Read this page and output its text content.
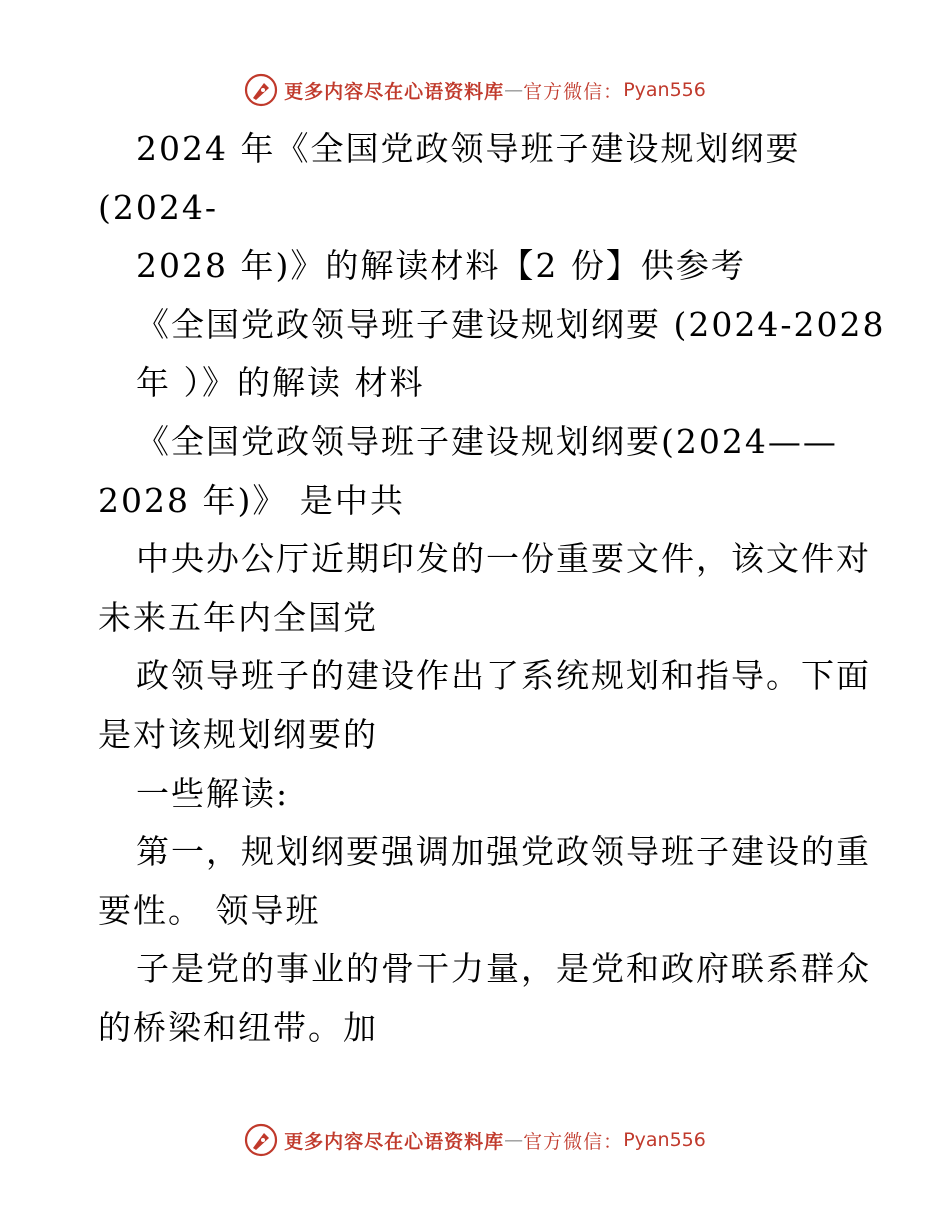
更多内容尽在心语资料库 — 官方微信： Pyan556
2024 年《全国党政领导班子建设规划纲要
(2024-
2028 年)》的解读材料【2 份】供参考
《全国党政领导班子建设规划纲要 (2024-2028
年 ）》的解读 材料
《全国党政领导班子建设规划纲要(2024——
2028 年)》 是中共
中央办公厅近期印发的一份重要文件，该文件对
未来五年内全国党
政领导班子的建设作出了系统规划和指导。下面
是对该规划纲要的
一些解读:
第一，规划纲要强调加强党政领导班子建设的重
要性。 领导班
子是党的事业的骨干力量，是党和政府联系群众
的桥梁和纽带。加
更多内容尽在心语资料库 — 官方微信： Pyan556
